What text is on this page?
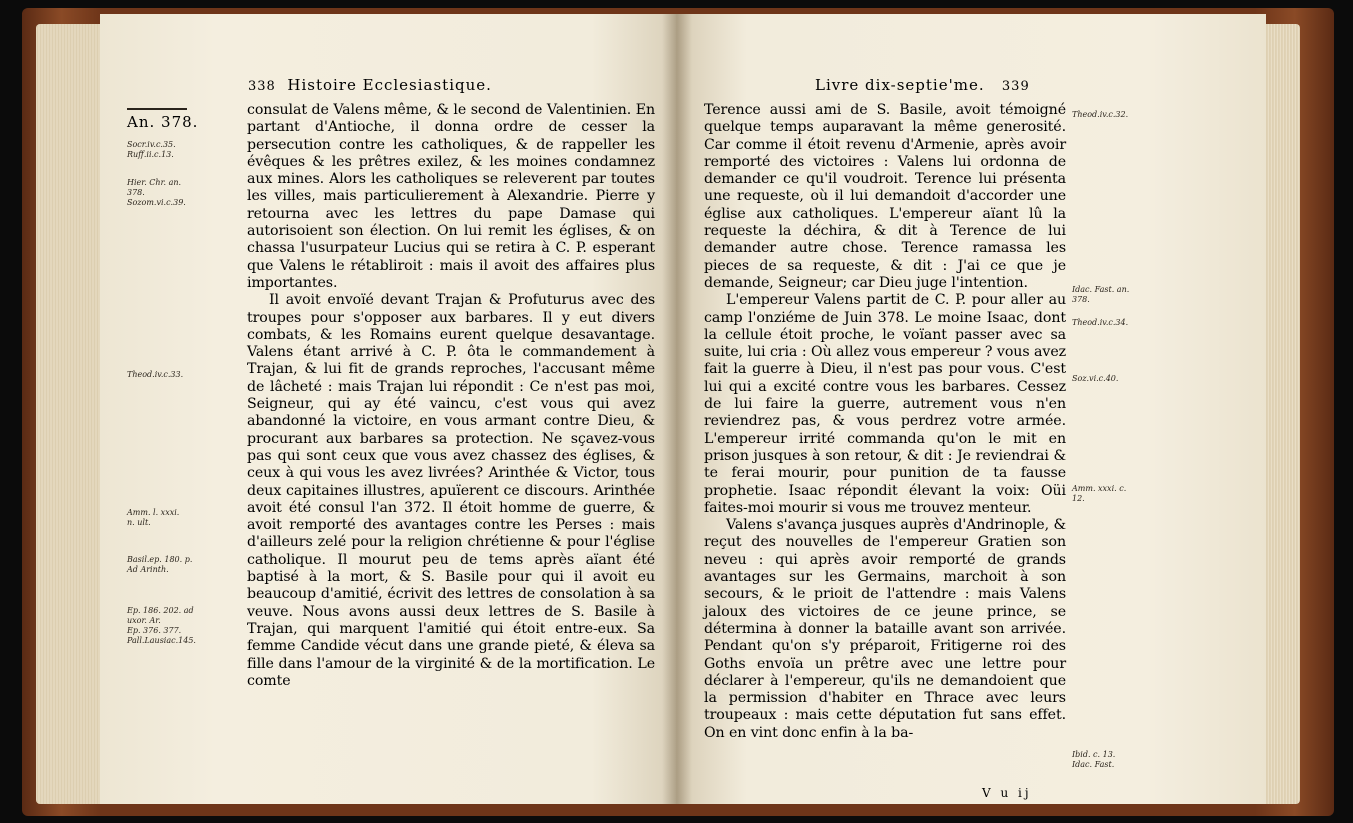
338 Histoire Ecclesiastique.
An. 378.
Socr.iv.c.35.
Ruff.ii.c.13.
Hier. Chr. an.
378.
Sozom.vi.c.39.
Theod.iv.c.33.
Amm. l. xxxi.
n. ult.
Basil.ep. 180. p.
Ad Arinth.
Ep. 186. 202. ad
uxor. Ar.
Ep. 376. 377.
Pall.Lausiac.145.

consulat de Valens même, & le second de Valentinien. En partant d'Antioche, il donna ordre de cesser la persecution contre les catholiques, & de rappeller les évêques & les prêtres exilez, & les moines condamnez aux mines. Alors les catholiques se releverent par toutes les villes, mais particulierement à Alexandrie. Pierre y retourna avec les lettres du pape Damase qui autorisoient son élection. On lui remit les églises, & on chassa l'usurpateur Lucius qui se retira à C. P. esperant que Valens le rétabliroit : mais il avoit des affaires plus importantes.

Il avoit envoïé devant Trajan & Profuturus avec des troupes pour s'opposer aux barbares. Il y eut divers combats, & les Romains eurent quelque desavantage. Valens étant arrivé à C. P. ôta le commandement à Trajan, & lui fit de grands reproches, l'accusant même de lâcheté : mais Trajan lui répondit : Ce n'est pas moi, Seigneur, qui ay été vaincu, c'est vous qui avez abandonné la victoire, en vous armant contre Dieu, & procurant aux barbares sa protection. Ne sçavez-vous pas qui sont ceux que vous avez chassez des églises, & ceux à qui vous les avez livrées? Arinthée & Victor, tous deux capitaines illustres, apuïerent ce discours. Arinthée avoit été consul l'an 372. Il étoit homme de guerre, & avoit remporté des avantages contre les Perses : mais d'ailleurs zelé pour la religion chrétienne & pour l'église catholique. Il mourut peu de tems après aïant été baptisé à la mort, & S. Basile pour qui il avoit eu beaucoup d'amitié, écrivit des lettres de consolation à sa veuve. Nous avons aussi deux lettres de S. Basile à Trajan, qui marquent l'amitié qui étoit entre-eux. Sa femme Candide vécut dans une grande pieté, & éleva sa fille dans l'amour de la virginité & de la mortification. Le comte

Livre dix-septie'me. 339

Terence aussi ami de S. Basile, avoit témoigné quelque temps auparavant la même generosité. Car comme il étoit revenu d'Armenie, après avoir remporté des victoires : Valens lui ordonna de demander ce qu'il voudroit. Terence lui présenta une requeste, où il lui demandoit d'accorder une église aux catholiques. L'empereur aïant lû la requeste la déchira, & dit à Terence de lui demander autre chose. Terence ramassa les pieces de sa requeste, & dit : J'ai ce que je demande, Seigneur; car Dieu juge l'intention.

L'empereur Valens partit de C. P. pour aller au camp l'onziéme de Juin 378. Le moine Isaac, dont la cellule étoit proche, le voïant passer avec sa suite, lui cria : Où allez vous empereur ? vous avez fait la guerre à Dieu, il n'est pas pour vous. C'est lui qui a excité contre vous les barbares. Cessez de lui faire la guerre, autrement vous n'en reviendrez pas, & vous perdrez votre armée. L'empereur irrité commanda qu'on le mit en prison jusques à son retour, & dit : Je reviendrai & te ferai mourir, pour punition de ta fausse prophetie. Isaac répondit élevant la voix: Oüi faites-moi mourir si vous me trouvez menteur.

Valens s'avança jusques auprès d'Andrinople, & reçut des nouvelles de l'empereur Gratien son neveu : qui après avoir remporté de grands avantages sur les Germains, marchoit à son secours, & le prioit de l'attendre : mais Valens jaloux des victoires de ce jeune prince, se détermina à donner la bataille avant son arrivée. Pendant qu'on s'y préparoit, Fritigerne roi des Goths envoïa un prêtre avec une lettre pour déclarer à l'empereur, qu'ils ne demandoient que la permission d'habiter en Thrace avec leurs troupeaux : mais cette députation fut sans effet. On en vint donc enfin à la ba-

Theod.iv.c.32.
Idac. Fast. an.
378.
Theod.iv.c.34.
Soz.vi.c.40.
Amm. xxxi. c.
12.
Ibid. c. 13.
Idac. Fast.
V u ij
